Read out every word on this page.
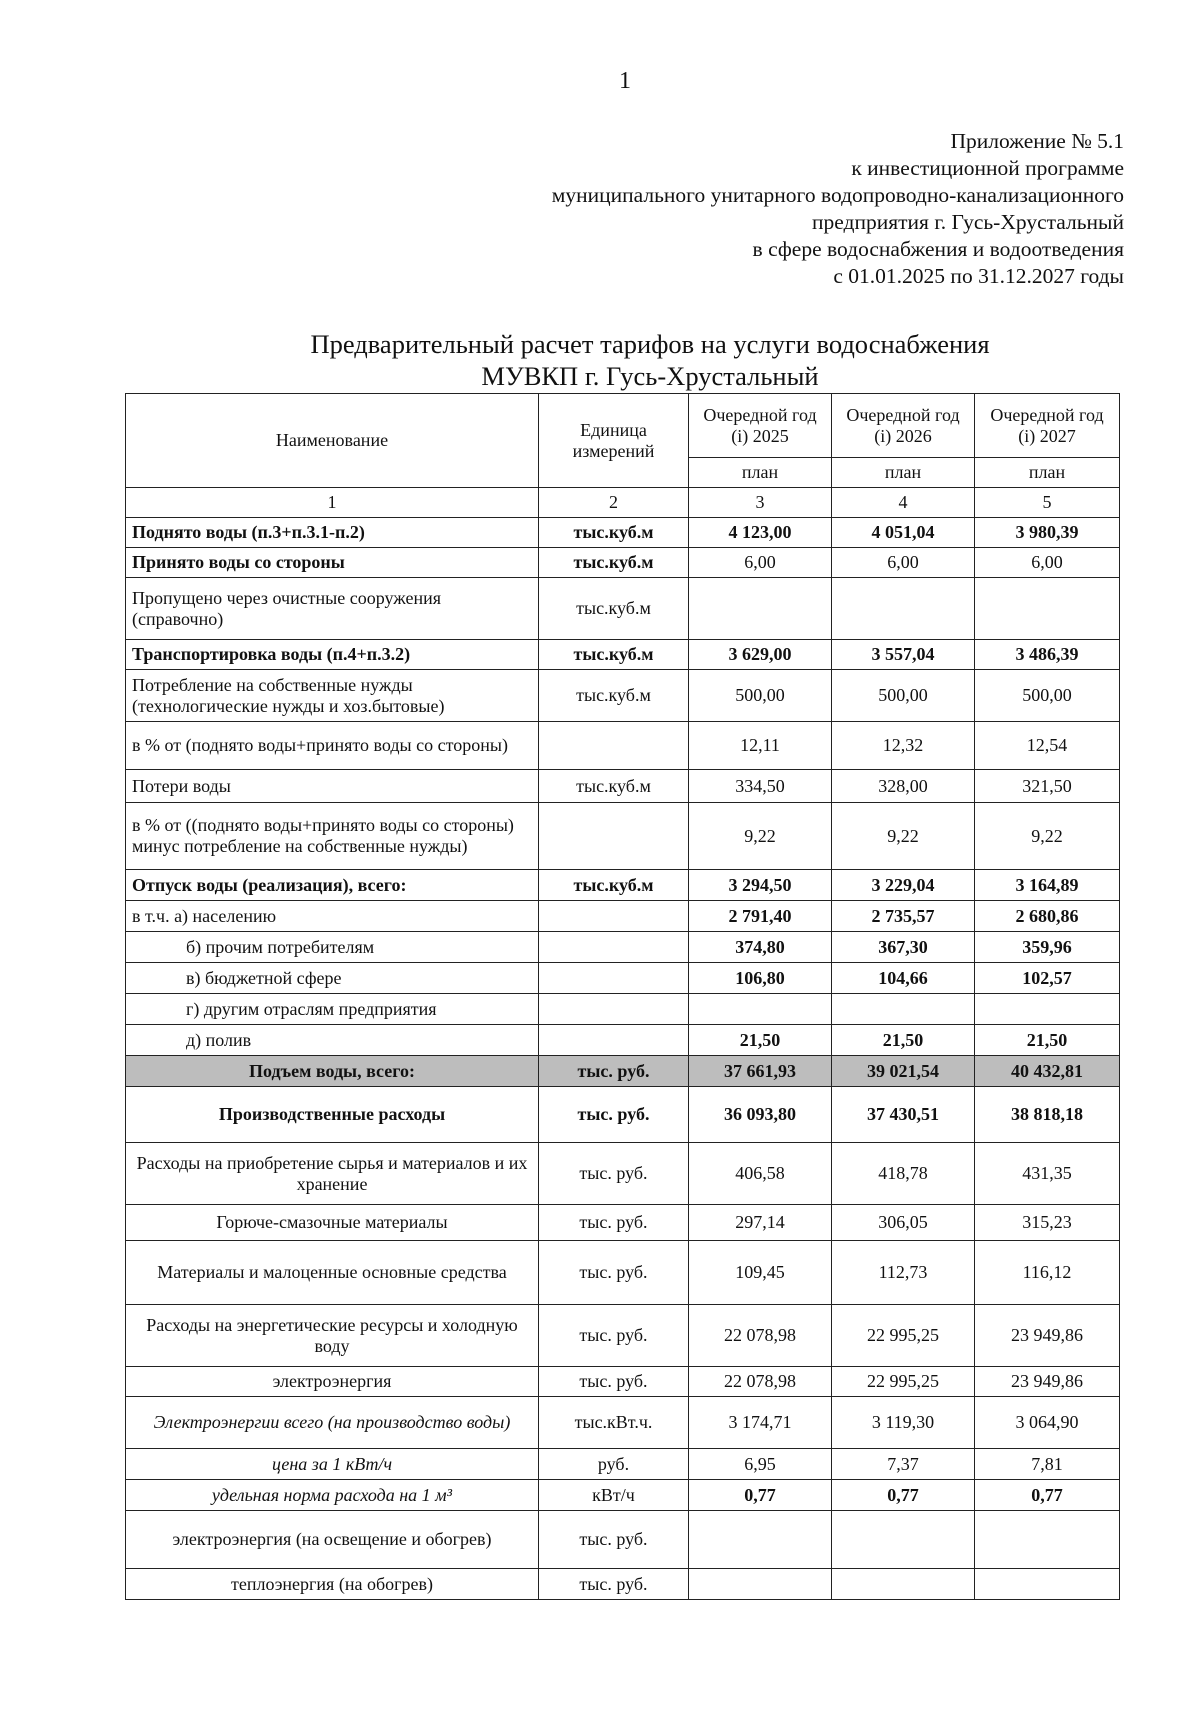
1
Приложение № 5.1
к инвестиционной программе
муниципального унитарного водопроводно-канализационного
предприятия г. Гусь-Хрустальный
в сфере водоснабжения и водоотведения
с 01.01.2025 по 31.12.2027 годы
Предварительный расчет тарифов на услуги водоснабжения
МУВКП г. Гусь-Хрустальный
Наименование	Единица измерений	Очередной год (i) 2025	Очередной год (i) 2026	Очередной год (i) 2027
		план	план	план
1	2	3	4	5
Поднято воды (п.3+п.3.1-п.2)	тыс.куб.м	4 123,00	4 051,04	3 980,39
Принято воды со стороны	тыс.куб.м	6,00	6,00	6,00
Пропущено через очистные сооружения (справочно)	тыс.куб.м			
Транспортировка воды (п.4+п.3.2)	тыс.куб.м	3 629,00	3 557,04	3 486,39
Потребление на собственные нужды (технологические нужды и хоз.бытовые)	тыс.куб.м	500,00	500,00	500,00
в % от (поднято воды+принято воды со стороны)		12,11	12,32	12,54
Потери воды	тыс.куб.м	334,50	328,00	321,50
в % от ((поднято воды+принято воды со стороны) минус потребление на собственные нужды)		9,22	9,22	9,22
Отпуск воды (реализация), всего:	тыс.куб.м	3 294,50	3 229,04	3 164,89
в т.ч. а) населению		2 791,40	2 735,57	2 680,86
б) прочим потребителям		374,80	367,30	359,96
в) бюджетной сфере		106,80	104,66	102,57
г) другим отраслям предприятия				
д) полив		21,50	21,50	21,50
Подъем воды, всего:	тыс. руб.	37 661,93	39 021,54	40 432,81
Производственные расходы	тыс. руб.	36 093,80	37 430,51	38 818,18
Расходы на приобретение сырья и материалов и их хранение	тыс. руб.	406,58	418,78	431,35
Горюче-смазочные материалы	тыс. руб.	297,14	306,05	315,23
Материалы и малоценные основные средства	тыс. руб.	109,45	112,73	116,12
Расходы на энергетические ресурсы и холодную воду	тыс. руб.	22 078,98	22 995,25	23 949,86
электроэнергия	тыс. руб.	22 078,98	22 995,25	23 949,86
Электроэнергии всего (на производство воды)	тыс.кВт.ч.	3 174,71	3 119,30	3 064,90
цена за 1 кВт/ч	руб.	6,95	7,37	7,81
удельная норма расхода на 1 м³	кВт/ч	0,77	0,77	0,77
электроэнергия (на освещение и обогрев)	тыс. руб.			
теплоэнергия (на обогрев)	тыс. руб.			
